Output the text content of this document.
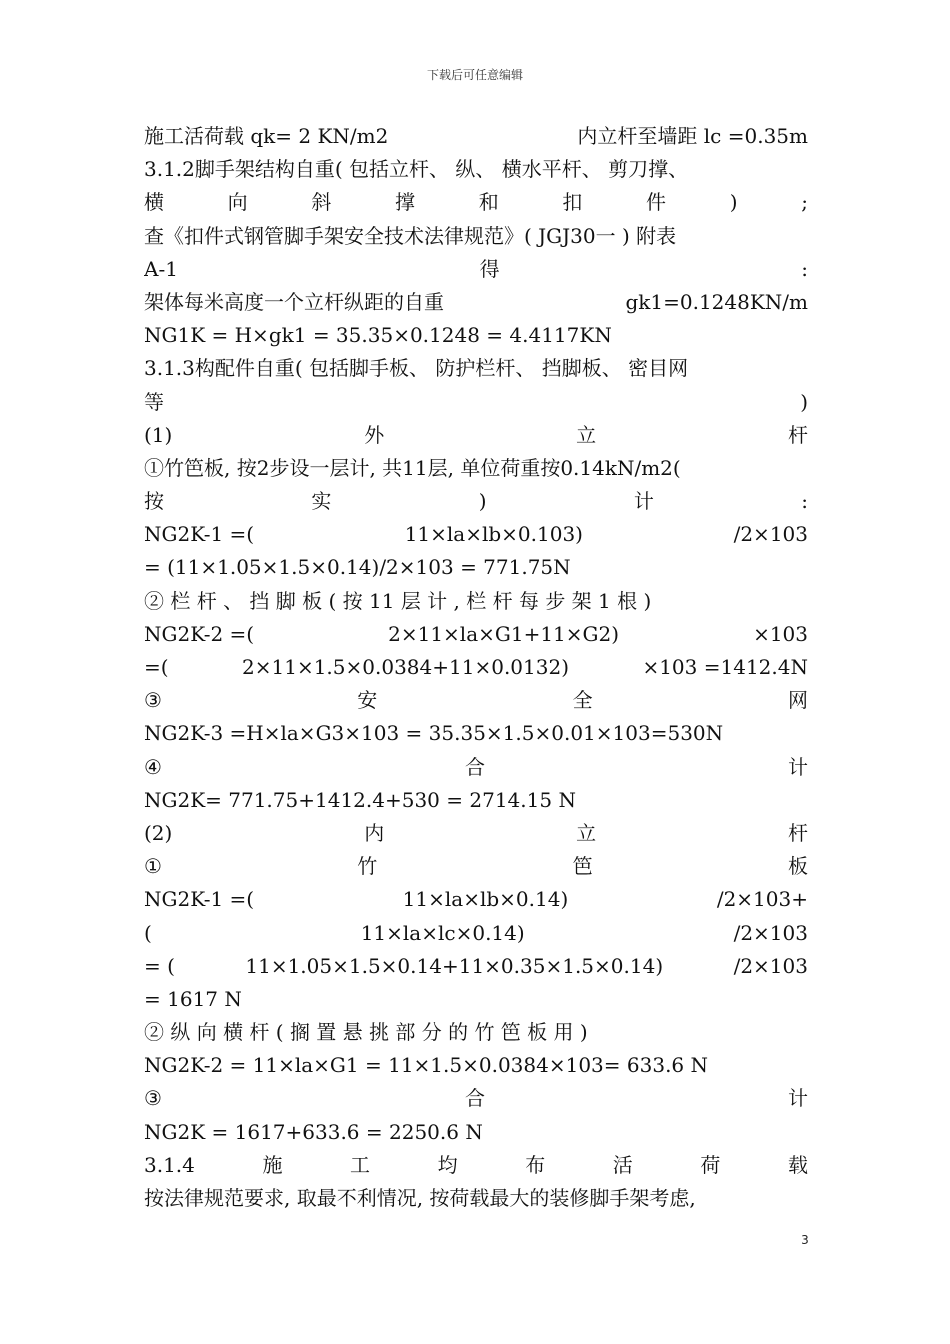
下载后可任意编辑
施工活荷载 qk= 2 KN/m2	内立杆至墙距 lc =0.35m
3.1.2脚手架结构自重( 包括立杆、 纵、 横水平杆、 剪刀撑、
横	向	斜	撑	和	扣	件	)	;
查《扣件式钢管脚手架安全技术法律规范》( JGJ30一 ) 附表
A-1	得	:
架体每米高度一个立杆纵距的自重	gk1=0.1248KN/m
NG1K = H×gk1 = 35.35×0.1248 = 4.4117KN
3.1.3构配件自重( 包括脚手板、 防护栏杆、 挡脚板、 密目网
等	)
(1)	外	立	杆
①竹笆板, 按2步设一层计, 共11层, 单位荷重按0.14kN/m2(
按	实	)	计	:
NG2K-1 =(	11×la×lb×0.103)	/2×103
= (11×1.05×1.5×0.14)/2×103 = 771.75N
② 栏 杆 、 挡 脚 板 ( 按 11 层 计 , 栏 杆 每 步 架 1 根 )
NG2K-2 =(	2×11×la×G1+11×G2)	×103
=(	2×11×1.5×0.0384+11×0.0132)	×103 =1412.4N
③	安	全	网
NG2K-3 =H×la×G3×103 = 35.35×1.5×0.01×103=530N
④	合	计
NG2K= 771.75+1412.4+530 = 2714.15 N
(2)	内	立	杆
①	竹	笆	板
NG2K-1 =(	11×la×lb×0.14)	/2×103+
(	11×la×lc×0.14)	/2×103
= (	11×1.05×1.5×0.14+11×0.35×1.5×0.14)	/2×103
= 1617 N
② 纵 向 横 杆 ( 搁 置 悬 挑 部 分 的 竹 笆 板 用 )
NG2K-2 = 11×la×G1 = 11×1.5×0.0384×103= 633.6 N
③	合	计
NG2K = 1617+633.6 = 2250.6 N
3.1.4	施	工	均	布	活	荷	载
按法律规范要求, 取最不利情况, 按荷载最大的装修脚手架考虑,
3
